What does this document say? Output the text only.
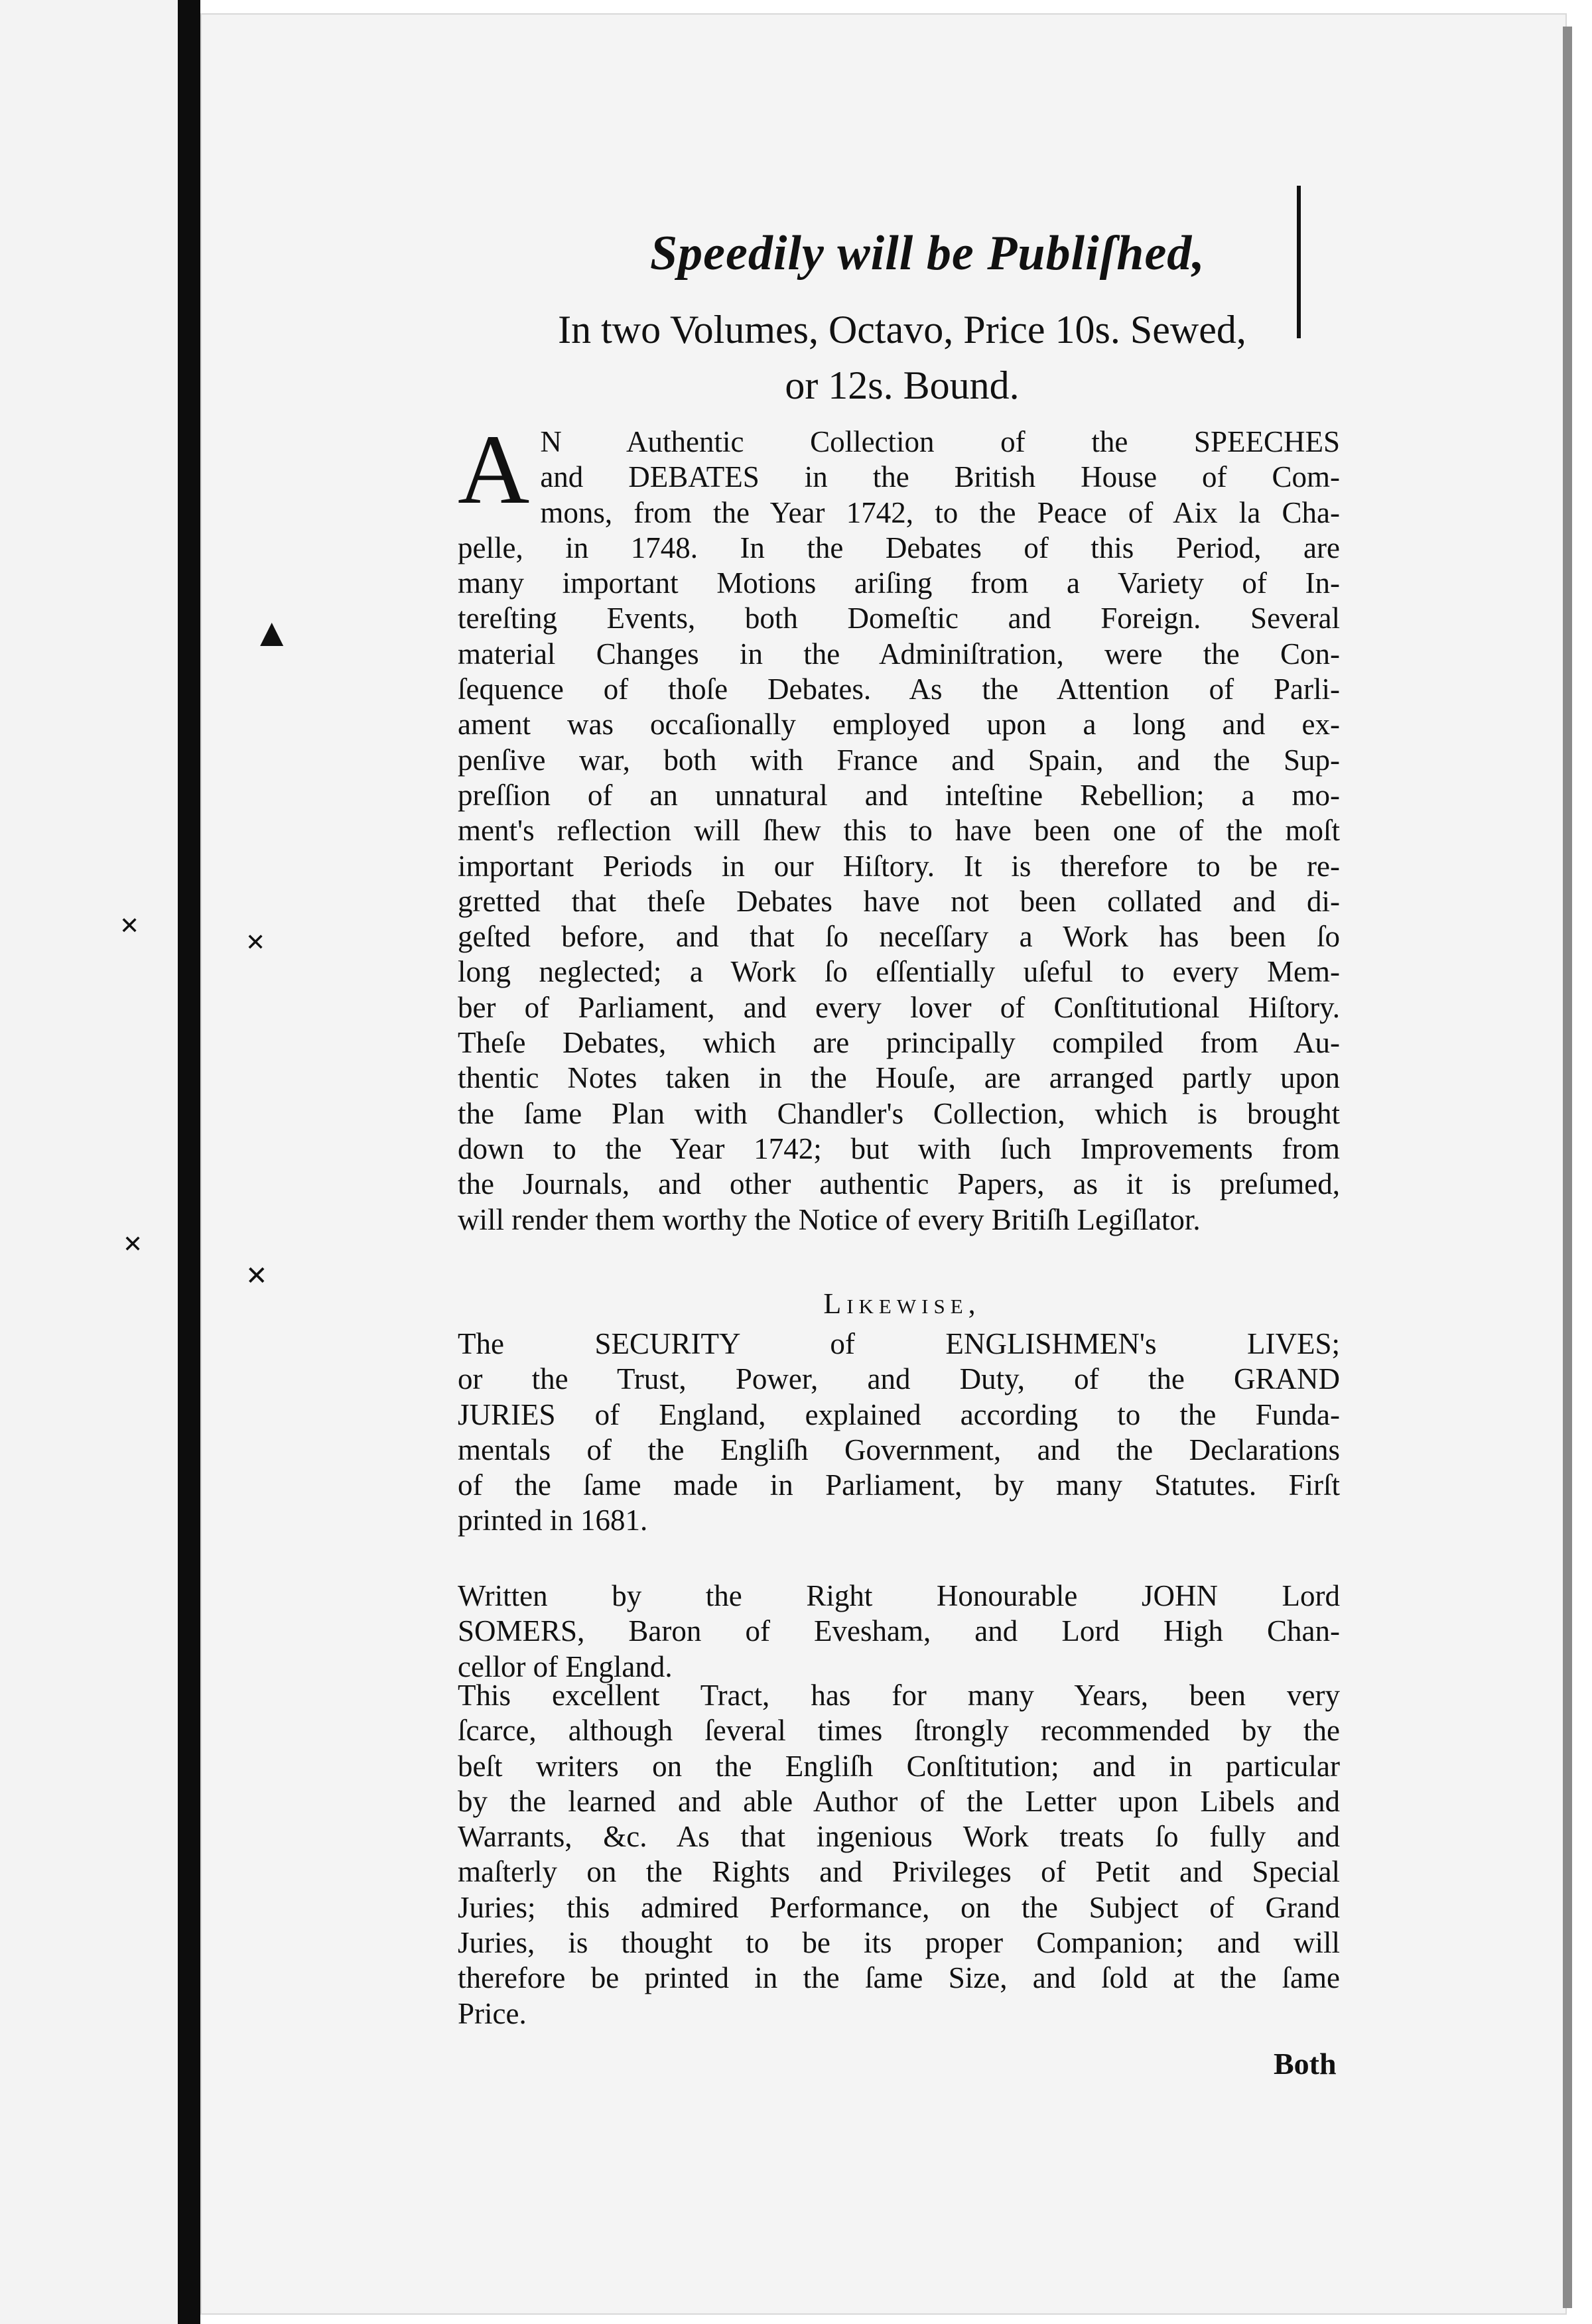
▲
✕
✕
✕
✕
Speedily will be Publiſhed,
In two Volumes, Octavo, Price 10s. Sewed,
or 12s. Bound.
A N Authentic Collection of the SPEECHES
and DEBATES in the British House of Com-
mons, from the Year 1742, to the Peace of Aix la Cha-
pelle, in 1748. In the Debates of this Period, are
many important Motions ariſing from a Variety of In-
tereſting Events, both Domeſtic and Foreign. Several
material Changes in the Adminiſtration, were the Con-
ſequence of thoſe Debates. As the Attention of Parli-
ament was occaſionally employed upon a long and ex-
penſive war, both with France and Spain, and the Sup-
preſſion of an unnatural and inteſtine Rebellion; a mo-
ment's reflection will ſhew this to have been one of the moſt
important Periods in our Hiſtory. It is therefore to be re-
gretted that theſe Debates have not been collated and di-
geſted before, and that ſo neceſſary a Work has been ſo
long neglected; a Work ſo eſſentially uſeful to every Mem-
ber of Parliament, and every lover of Conſtitutional Hiſtory.
Theſe Debates, which are principally compiled from Au-
thentic Notes taken in the Houſe, are arranged partly upon
the ſame Plan with Chandler's Collection, which is brought
down to the Year 1742; but with ſuch Improvements from
the Journals, and other authentic Papers, as it is preſumed,
will render them worthy the Notice of every Britiſh Legiſlator.
Likewise,
The SECURITY of ENGLISHMEN's LIVES;
or the Trust, Power, and Duty, of the GRAND
JURIES of England, explained according to the Funda-
mentals of the Engliſh Government, and the Declarations
of the ſame made in Parliament, by many Statutes. Firſt
printed in 1681.
Written by the Right Honourable JOHN Lord
SOMERS, Baron of Evesham, and Lord High Chan-
cellor of England.
This excellent Tract, has for many Years, been very
ſcarce, although ſeveral times ſtrongly recommended by the
beſt writers on the Engliſh Conſtitution; and in particular
by the learned and able Author of the Letter upon Libels and
Warrants, &c. As that ingenious Work treats ſo fully and
maſterly on the Rights and Privileges of Petit and Special
Juries; this admired Performance, on the Subject of Grand
Juries, is thought to be its proper Companion; and will
therefore be printed in the ſame Size, and ſold at the ſame
Price.
Both
